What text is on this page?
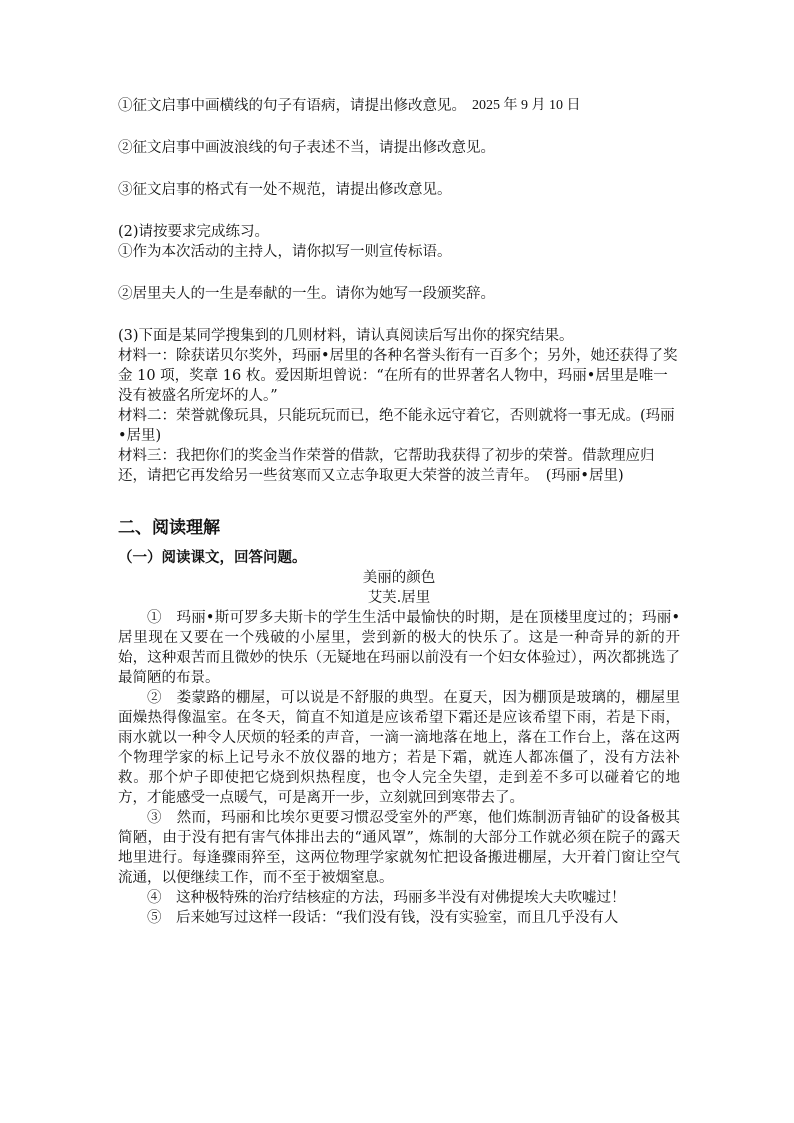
2025 年 9 月 10 日

①征文启事中画横线的句子有语病，请提出修改意见。

②征文启事中画波浪线的句子表述不当，请提出修改意见。

③征文启事的格式有一处不规范，请提出修改意见。

(2)请按要求完成练习。

①作为本次活动的主持人，请你拟写一则宣传标语。

②居里夫人的一生是奉献的一生。请你为她写一段颁奖辞。

(3)下面是某同学搜集到的几则材料，请认真阅读后写出你的探究结果。

材料一：除获诺贝尔奖外，玛丽•居里的各种名誉头衔有一百多个；另外，她还获得了奖金 10 项，奖章 16 枚。爱因斯坦曾说：“在所有的世界著名人物中，玛丽•居里是唯一没有被盛名所宠坏的人。”

材料二：荣誉就像玩具，只能玩玩而已，绝不能永远守着它，否则就将一事无成。(玛丽•居里)

材料三：我把你们的奖金当作荣誉的借款，它帮助我获得了初步的荣誉。借款理应归还，请把它再发给另一些贫寒而又立志争取更大荣誉的波兰青年。　(玛丽•居里)

二、阅读理解

（一）阅读课文，回答问题。

美丽的颜色

艾芙.居里

①　玛丽•斯可罗多夫斯卡的学生生活中最愉快的时期，是在顶楼里度过的；玛丽•居里现在又要在一个残破的小屋里，尝到新的极大的快乐了。这是一种奇异的新的开始，这种艰苦而且微妙的快乐（无疑地在玛丽以前没有一个妇女体验过），两次都挑选了最简陋的布景。

②　娄蒙路的棚屋，可以说是不舒服的典型。在夏天，因为棚顶是玻璃的，棚屋里面燥热得像温室。在冬天，简直不知道是应该希望下霜还是应该希望下雨，若是下雨，雨水就以一种令人厌烦的轻柔的声音，一滴一滴地落在地上，落在工作台上，落在这两个物理学家的标上记号永不放仪器的地方；若是下霜，就连人都冻僵了，没有方法补救。那个炉子即使把它烧到炽热程度，也令人完全失望，走到差不多可以碰着它的地方，才能感受一点暖气，可是离开一步，立刻就回到寒带去了。

③　然而，玛丽和比埃尔更要习惯忍受室外的严寒，他们炼制沥青铀矿的设备极其简陋，由于没有把有害气体排出去的“通风罩”，炼制的大部分工作就必须在院子的露天地里进行。每逢骤雨猝至，这两位物理学家就匆忙把设备搬进棚屋，大开着门窗让空气流通，以便继续工作，而不至于被烟窒息。

④　这种极特殊的治疗结核症的方法，玛丽多半没有对佛提埃大夫吹嘘过！

⑤　后来她写过这样一段话：“我们没有钱，没有实验室，而且几乎没有人
